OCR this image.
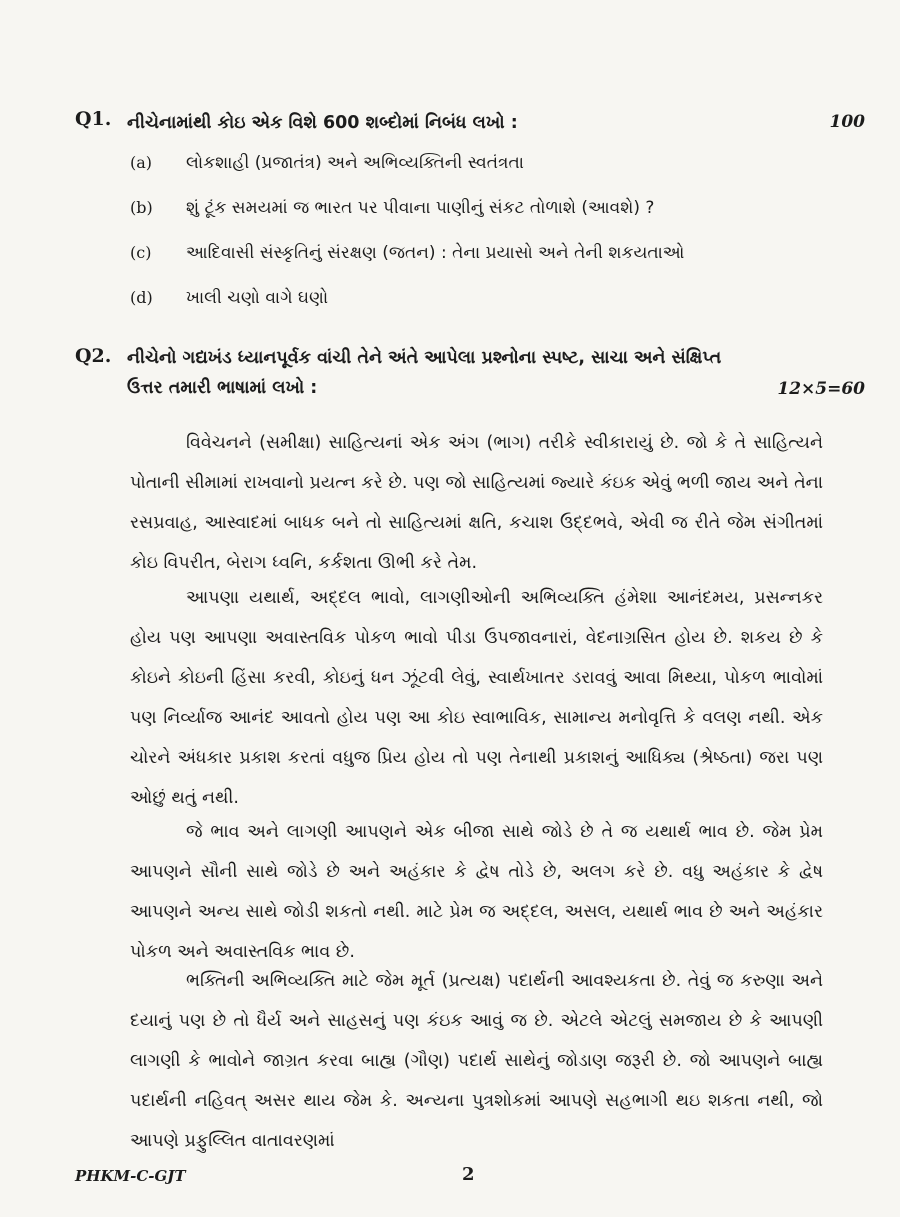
Q1. નીચેનામાંથી કોઇ એક વિશે 600 શબ્દોમાં નિબંધ લખો :	100
(a) લોકશાહી (પ્રજાતંત્ર) અને અભિવ્યક્તિની સ્વતંત્રતા
(b) શું ટૂંક સમયમાં જ ભારત પર પીવાના પાણીનું સંકટ તોળાશે (આવશે) ?
(c) આદિવાસી સંસ્કૃતિનું સંરક્ષણ (જતન) : તેના પ્રયાસો અને તેની શકયતાઓ
(d) ખાલી ચણો વાગે ઘણો
Q2. નીચેનો ગદ્યખંડ ધ્યાનપૂર્વક વાંચી તેને અંતે આપેલા પ્રશ્નોના સ્પષ્ટ, સાચા અને સંક્ષિપ્ત
ઉત્તર તમારી ભાષામાં લખો :	12×5=60
વિવેચનને (સમીક્ષા) સાહિત્યનાં એક અંગ (ભાગ) તરીકે સ્વીકારાયું છે. જો કે તે સાહિત્યને પોતાની સીમામાં રાખવાનો પ્રયત્ન કરે છે. પણ જો સાહિત્યમાં જ્યારે કંઇક એવું ભળી જાય અને તેના રસપ્રવાહ, આસ્વાદમાં બાધક બને તો સાહિત્યમાં ક્ષતિ, કચાશ ઉદ્દભવે, એવી જ રીતે જેમ સંગીતમાં કોઇ વિપરીત, બેરાગ ધ્વનિ, કર્કશતા ઊભી કરે તેમ.
આપણા યથાર્થ, અદ્દલ ભાવો, લાગણીઓની અભિવ્યક્તિ હંમેશા આનંદમય, પ્રસન્નકર હોય પણ આપણા અવાસ્તવિક પોકળ ભાવો પીડા ઉપજાવનારાં, વેદનાગ્રસિત હોય છે. શકય છે કે કોઇને કોઇની હિંસા કરવી, કોઇનું ધન ઝૂંટવી લેવું, સ્વાર્થખાતર ડરાવવું આવા મિથ્યા, પોકળ ભાવોમાં પણ નિર્વ્યાજ આનંદ આવતો હોય પણ આ કોઇ સ્વાભાવિક, સામાન્ય મનોવૃત્તિ કે વલણ નથી. એક ચોરને અંધકાર પ્રકાશ કરતાં વધુજ પ્રિય હોય તો પણ તેનાથી પ્રકાશનું આધિક્ય (શ્રેષ્ઠતા) જરા પણ ઓછું થતું નથી.
જે ભાવ અને લાગણી આપણને એક બીજા સાથે જોડે છે તે જ યથાર્થ ભાવ છે. જેમ પ્રેમ આપણને સૌની સાથે જોડે છે અને અહંકાર કે દ્વેષ તોડે છે, અલગ કરે છે. વધુ અહંકાર કે દ્વેષ આપણને અન્ય સાથે જોડી શકતો નથી. માટે પ્રેમ જ અદ્દલ, અસલ, યથાર્થ ભાવ છે અને અહંકાર પોકળ અને અવાસ્તવિક ભાવ છે.
ભક્તિની અભિવ્યક્તિ માટે જેમ મૂર્ત (પ્રત્યક્ષ) પદાર્થની આવશ્યકતા છે. તેવું જ કરુણા અને દયાનું પણ છે તો ધૈર્ય અને સાહસનું પણ કંઇક આવું જ છે. એટલે એટલું સમજાય છે કે આપણી લાગણી કે ભાવોને જાગ્રત કરવા બાહ્ય (ગૌણ) પદાર્થ સાથેનું જોડાણ જરૂરી છે. જો આપણને બાહ્ય પદાર્થની નહિવત્ અસર થાય જેમ કે. અન્યના પુત્રશોકમાં આપણે સહભાગી થઇ શકતા નથી, જો આપણે પ્રફુલ્લિત વાતાવરણમાં
PHKM-C-GJT	2
